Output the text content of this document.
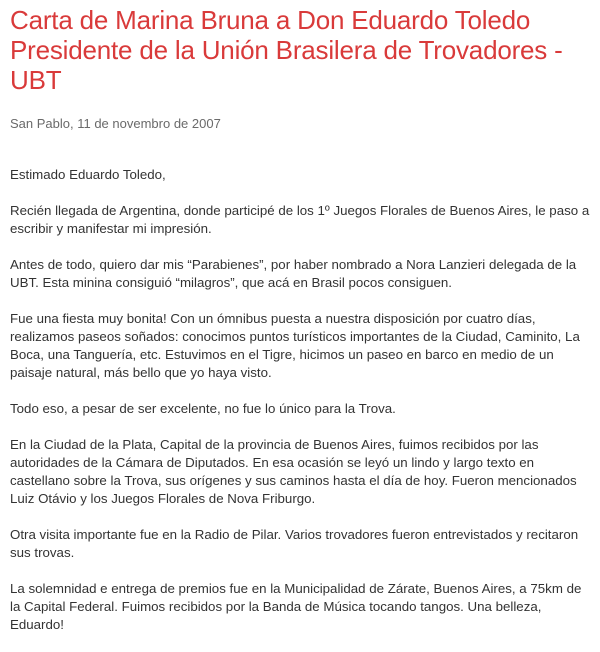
Carta de Marina Bruna a Don Eduardo Toledo Presidente de la Unión Brasilera de Trovadores - UBT
San Pablo, 11 de novembro de 2007

Estimado Eduardo Toledo,

Recién llegada de Argentina, donde participé de los 1º Juegos Florales de Buenos Aires, le paso a escribir y manifestar mi impresión.

Antes de todo, quiero dar mis “Parabienes”, por haber nombrado a Nora Lanzieri delegada de la UBT. Esta minina consiguió “milagros”, que acá en Brasil pocos consiguen.

Fue una fiesta muy bonita! Con un ómnibus puesta a nuestra disposición por cuatro días, realizamos paseos soñados: conocimos puntos turísticos importantes de la Ciudad, Caminito, La Boca, una Tanguería, etc. Estuvimos en el Tigre, hicimos un paseo en barco en medio de un paisaje natural, más bello que yo haya visto.

Todo eso, a pesar de ser excelente, no fue lo único para la Trova.

En la Ciudad de la Plata, Capital de la provincia de Buenos Aires, fuimos recibidos por las autoridades de la Cámara de Diputados. En esa ocasión se leyó un lindo y largo texto en castellano sobre la Trova, sus orígenes y sus caminos hasta el día de hoy. Fueron mencionados Luiz Otávio y los Juegos Florales de Nova Friburgo.

Otra visita importante fue en la Radio de Pilar. Varios trovadores fueron entrevistados y recitaron sus trovas.

La solemnidad e entrega de premios fue en la Municipalidad de Zárate, Buenos Aires, a 75km de la Capital Federal. Fuimos recibidos por la Banda de Música tocando tangos. Una belleza, Eduardo!
